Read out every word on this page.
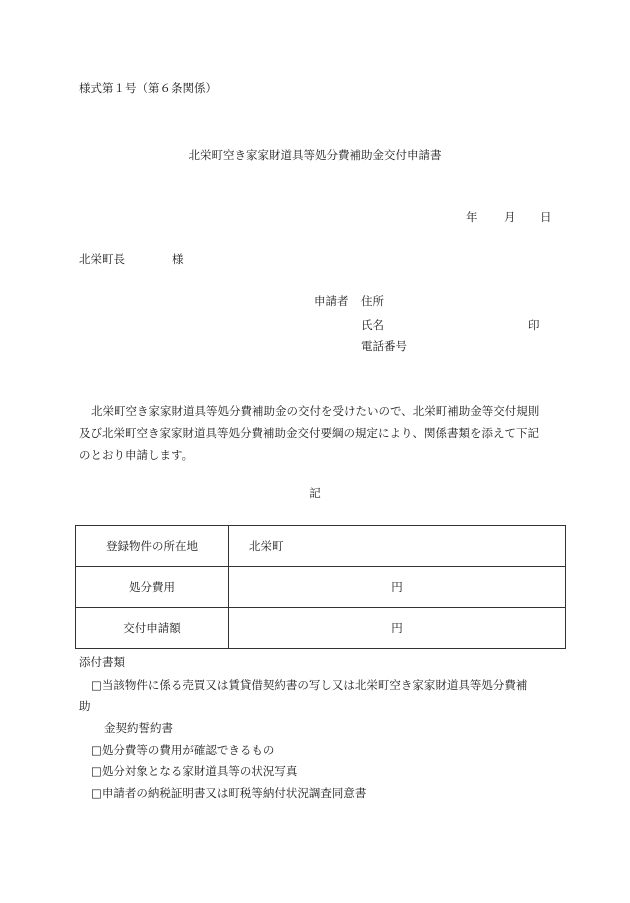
様式第１号（第６条関係）
北栄町空き家家財道具等処分費補助金交付申請書
年 月 日
北栄町長	様
申請者 住所
氏名	印
電話番号
北栄町空き家家財道具等処分費補助金の交付を受けたいので、北栄町補助金等交付規則及び北栄町空き家家財道具等処分費補助金交付要綱の規定により、関係書類を添えて下記のとおり申請します。
記
登録物件の所在地	北栄町
処分費用	円
交付申請額	円
添付書類
□当該物件に係る売買又は賃貸借契約書の写し又は北栄町空き家家財道具等処分費補
助
金契約誓約書
□処分費等の費用が確認できるもの
□処分対象となる家財道具等の状況写真
□申請者の納税証明書又は町税等納付状況調査同意書
